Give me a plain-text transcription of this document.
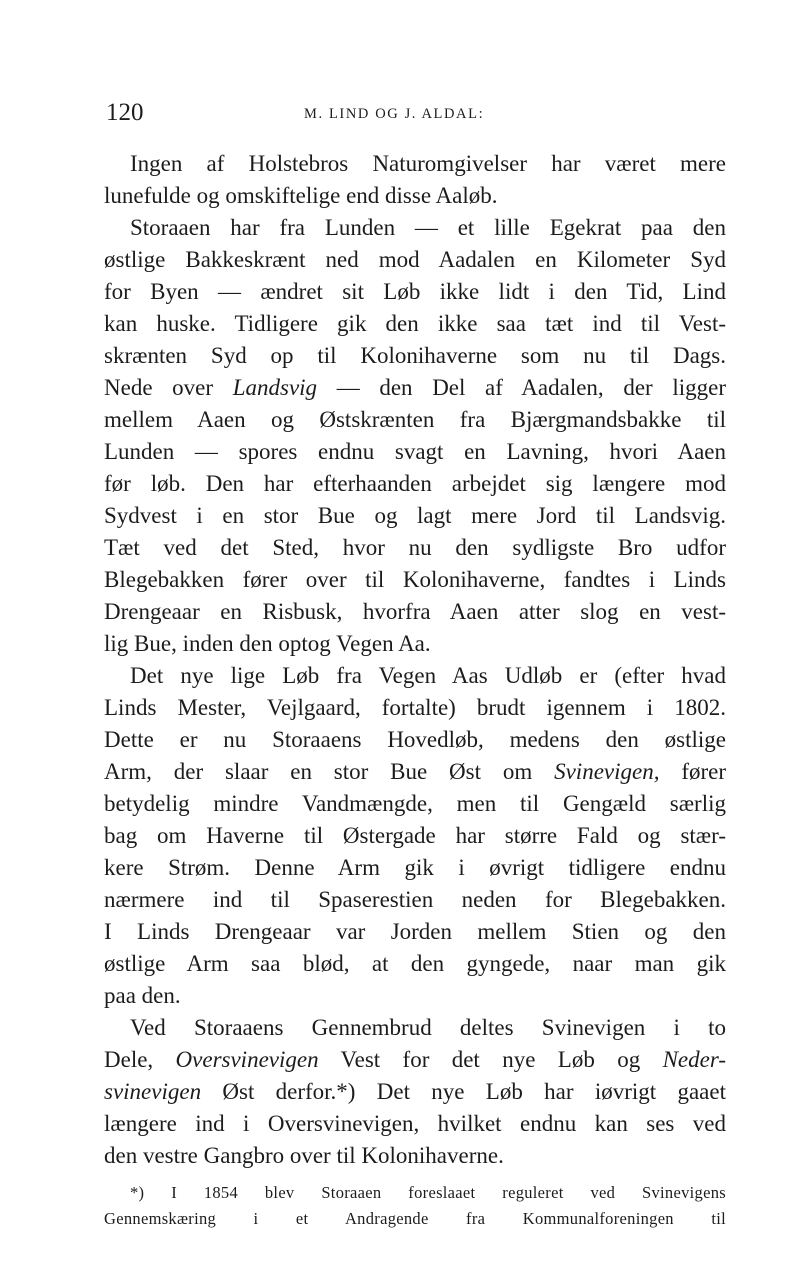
120	M. LIND OG J. ALDAL:
Ingen af Holstebros Naturomgivelser har været mere
lunefulde og omskiftelige end disse Aaløb.
Storaaen har fra Lunden — et lille Egekrat paa den
østlige Bakkeskrænt ned mod Aadalen en Kilometer Syd
for Byen — ændret sit Løb ikke lidt i den Tid, Lind
kan huske. Tidligere gik den ikke saa tæt ind til Vest-
skrænten Syd op til Kolonihaverne som nu til Dags.
Nede over Landsvig — den Del af Aadalen, der ligger
mellem Aaen og Østskrænten fra Bjærgmandsbakke til
Lunden — spores endnu svagt en Lavning, hvori Aaen
før løb. Den har efterhaanden arbejdet sig længere mod
Sydvest i en stor Bue og lagt mere Jord til Landsvig.
Tæt ved det Sted, hvor nu den sydligste Bro udfor
Blegebakken fører over til Kolonihaverne, fandtes i Linds
Drengeaar en Risbusk, hvorfra Aaen atter slog en vest-
lig Bue, inden den optog Vegen Aa.
Det nye lige Løb fra Vegen Aas Udløb er (efter hvad
Linds Mester, Vejlgaard, fortalte) brudt igennem i 1802.
Dette er nu Storaaens Hovedløb, medens den østlige
Arm, der slaar en stor Bue Øst om Svinevigen, fører
betydelig mindre Vandmængde, men til Gengæld særlig
bag om Haverne til Østergade har større Fald og stær-
kere Strøm. Denne Arm gik i øvrigt tidligere endnu
nærmere ind til Spaserestien neden for Blegebakken.
I Linds Drengeaar var Jorden mellem Stien og den
østlige Arm saa blød, at den gyngede, naar man gik
paa den.
Ved Storaaens Gennembrud deltes Svinevigen i to
Dele, Oversvinevigen Vest for det nye Løb og Neder-
svinevigen Øst derfor.*) Det nye Løb har iøvrigt gaaet
længere ind i Oversvinevigen, hvilket endnu kan ses ved
den vestre Gangbro over til Kolonihaverne.
*) I 1854 blev Storaaen foreslaaet reguleret ved Svinevigens
Gennemskæring i et Andragende fra Kommunalforeningen til
